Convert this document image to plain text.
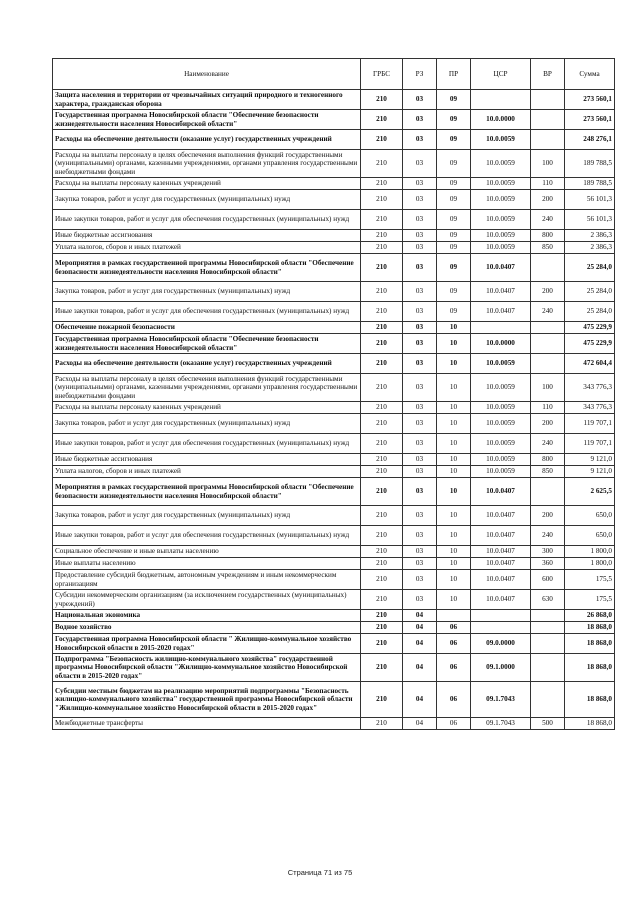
Наименование	ГРБС	РЗ	ПР	ЦСР	ВР	Сумма
Защита населения и территории от чрезвычайных ситуаций природного и техногенного характера, гражданская оборона	210	03	09			273 560,1
Государственная программа Новосибирской области "Обеспечение безопасности жизнедеятельности населения Новосибирской области"	210	03	09	10.0.0000		273 560,1
Расходы на обеспечение деятельности (оказание услуг) государственных учреждений	210	03	09	10.0.0059		248 276,1
Расходы на выплаты персоналу в целях обеспечения выполнения функций государственными (муниципальными) органами, казенными учреждениями, органами управления государственными внебюджетными фондами	210	03	09	10.0.0059	100	189 788,5
Расходы на выплаты персоналу казенных учреждений	210	03	09	10.0.0059	110	189 788,5
Закупка товаров, работ и услуг для государственных (муниципальных) нужд	210	03	09	10.0.0059	200	56 101,3
Иные закупки товаров, работ и услуг для обеспечения государственных (муниципальных) нужд	210	03	09	10.0.0059	240	56 101,3
Иные бюджетные ассигнования	210	03	09	10.0.0059	800	2 386,3
Уплата налогов, сборов и иных платежей	210	03	09	10.0.0059	850	2 386,3
Мероприятия в рамках государственной программы Новосибирской области "Обеспечение безопасности жизнедеятельности населения Новосибирской области"	210	03	09	10.0.0407		25 284,0
Закупка товаров, работ и услуг для государственных (муниципальных) нужд	210	03	09	10.0.0407	200	25 284,0
Иные закупки товаров, работ и услуг для обеспечения государственных (муниципальных) нужд	210	03	09	10.0.0407	240	25 284,0
Обеспечение пожарной безопасности	210	03	10			475 229,9
Государственная программа Новосибирской области "Обеспечение безопасности жизнедеятельности населения Новосибирской области"	210	03	10	10.0.0000		475 229,9
Расходы на обеспечение деятельности (оказание услуг) государственных учреждений	210	03	10	10.0.0059		472 604,4
Расходы на выплаты персоналу в целях обеспечения выполнения функций государственными (муниципальными) органами, казенными учреждениями, органами управления государственными внебюджетными фондами	210	03	10	10.0.0059	100	343 776,3
Расходы на выплаты персоналу казенных учреждений	210	03	10	10.0.0059	110	343 776,3
Закупка товаров, работ и услуг для государственных (муниципальных) нужд	210	03	10	10.0.0059	200	119 707,1
Иные закупки товаров, работ и услуг для обеспечения государственных (муниципальных) нужд	210	03	10	10.0.0059	240	119 707,1
Иные бюджетные ассигнования	210	03	10	10.0.0059	800	9 121,0
Уплата налогов, сборов и иных платежей	210	03	10	10.0.0059	850	9 121,0
Мероприятия в рамках государственной программы Новосибирской области "Обеспечение безопасности жизнедеятельности населения Новосибирской области"	210	03	10	10.0.0407		2 625,5
Закупка товаров, работ и услуг для государственных (муниципальных) нужд	210	03	10	10.0.0407	200	650,0
Иные закупки товаров, работ и услуг для обеспечения государственных (муниципальных) нужд	210	03	10	10.0.0407	240	650,0
Социальное обеспечение и иные выплаты населению	210	03	10	10.0.0407	300	1 800,0
Иные выплаты населению	210	03	10	10.0.0407	360	1 800,0
Предоставление субсидий бюджетным, автономным учреждениям и иным некоммерческим организациям	210	03	10	10.0.0407	600	175,5
Субсидии некоммерческим организациям (за исключением государственных (муниципальных) учреждений)	210	03	10	10.0.0407	630	175,5
Национальная экономика	210	04				26 868,0
Водное хозяйство	210	04	06			18 868,0
Государственная программа Новосибирской области " Жилищно-коммунальное хозяйство Новосибирской области в 2015-2020 годах"	210	04	06	09.0.0000		18 868,0
Подпрограмма "Безопасность жилищно-коммунального хозяйства" государственной программы Новосибирской области "Жилищно-коммунальное хозяйство Новосибирской области в 2015-2020 годах"	210	04	06	09.1.0000		18 868,0
Субсидии местным бюджетам на реализацию мероприятий подпрограммы "Безопасность жилищно-коммунального хозяйства" государственной программы Новосибирской области "Жилищно-коммунальное хозяйство Новосибирской области в 2015-2020 годах"	210	04	06	09.1.7043		18 868,0
Межбюджетные трансферты	210	04	06	09.1.7043	500	18 868,0
Страница 71 из 75
